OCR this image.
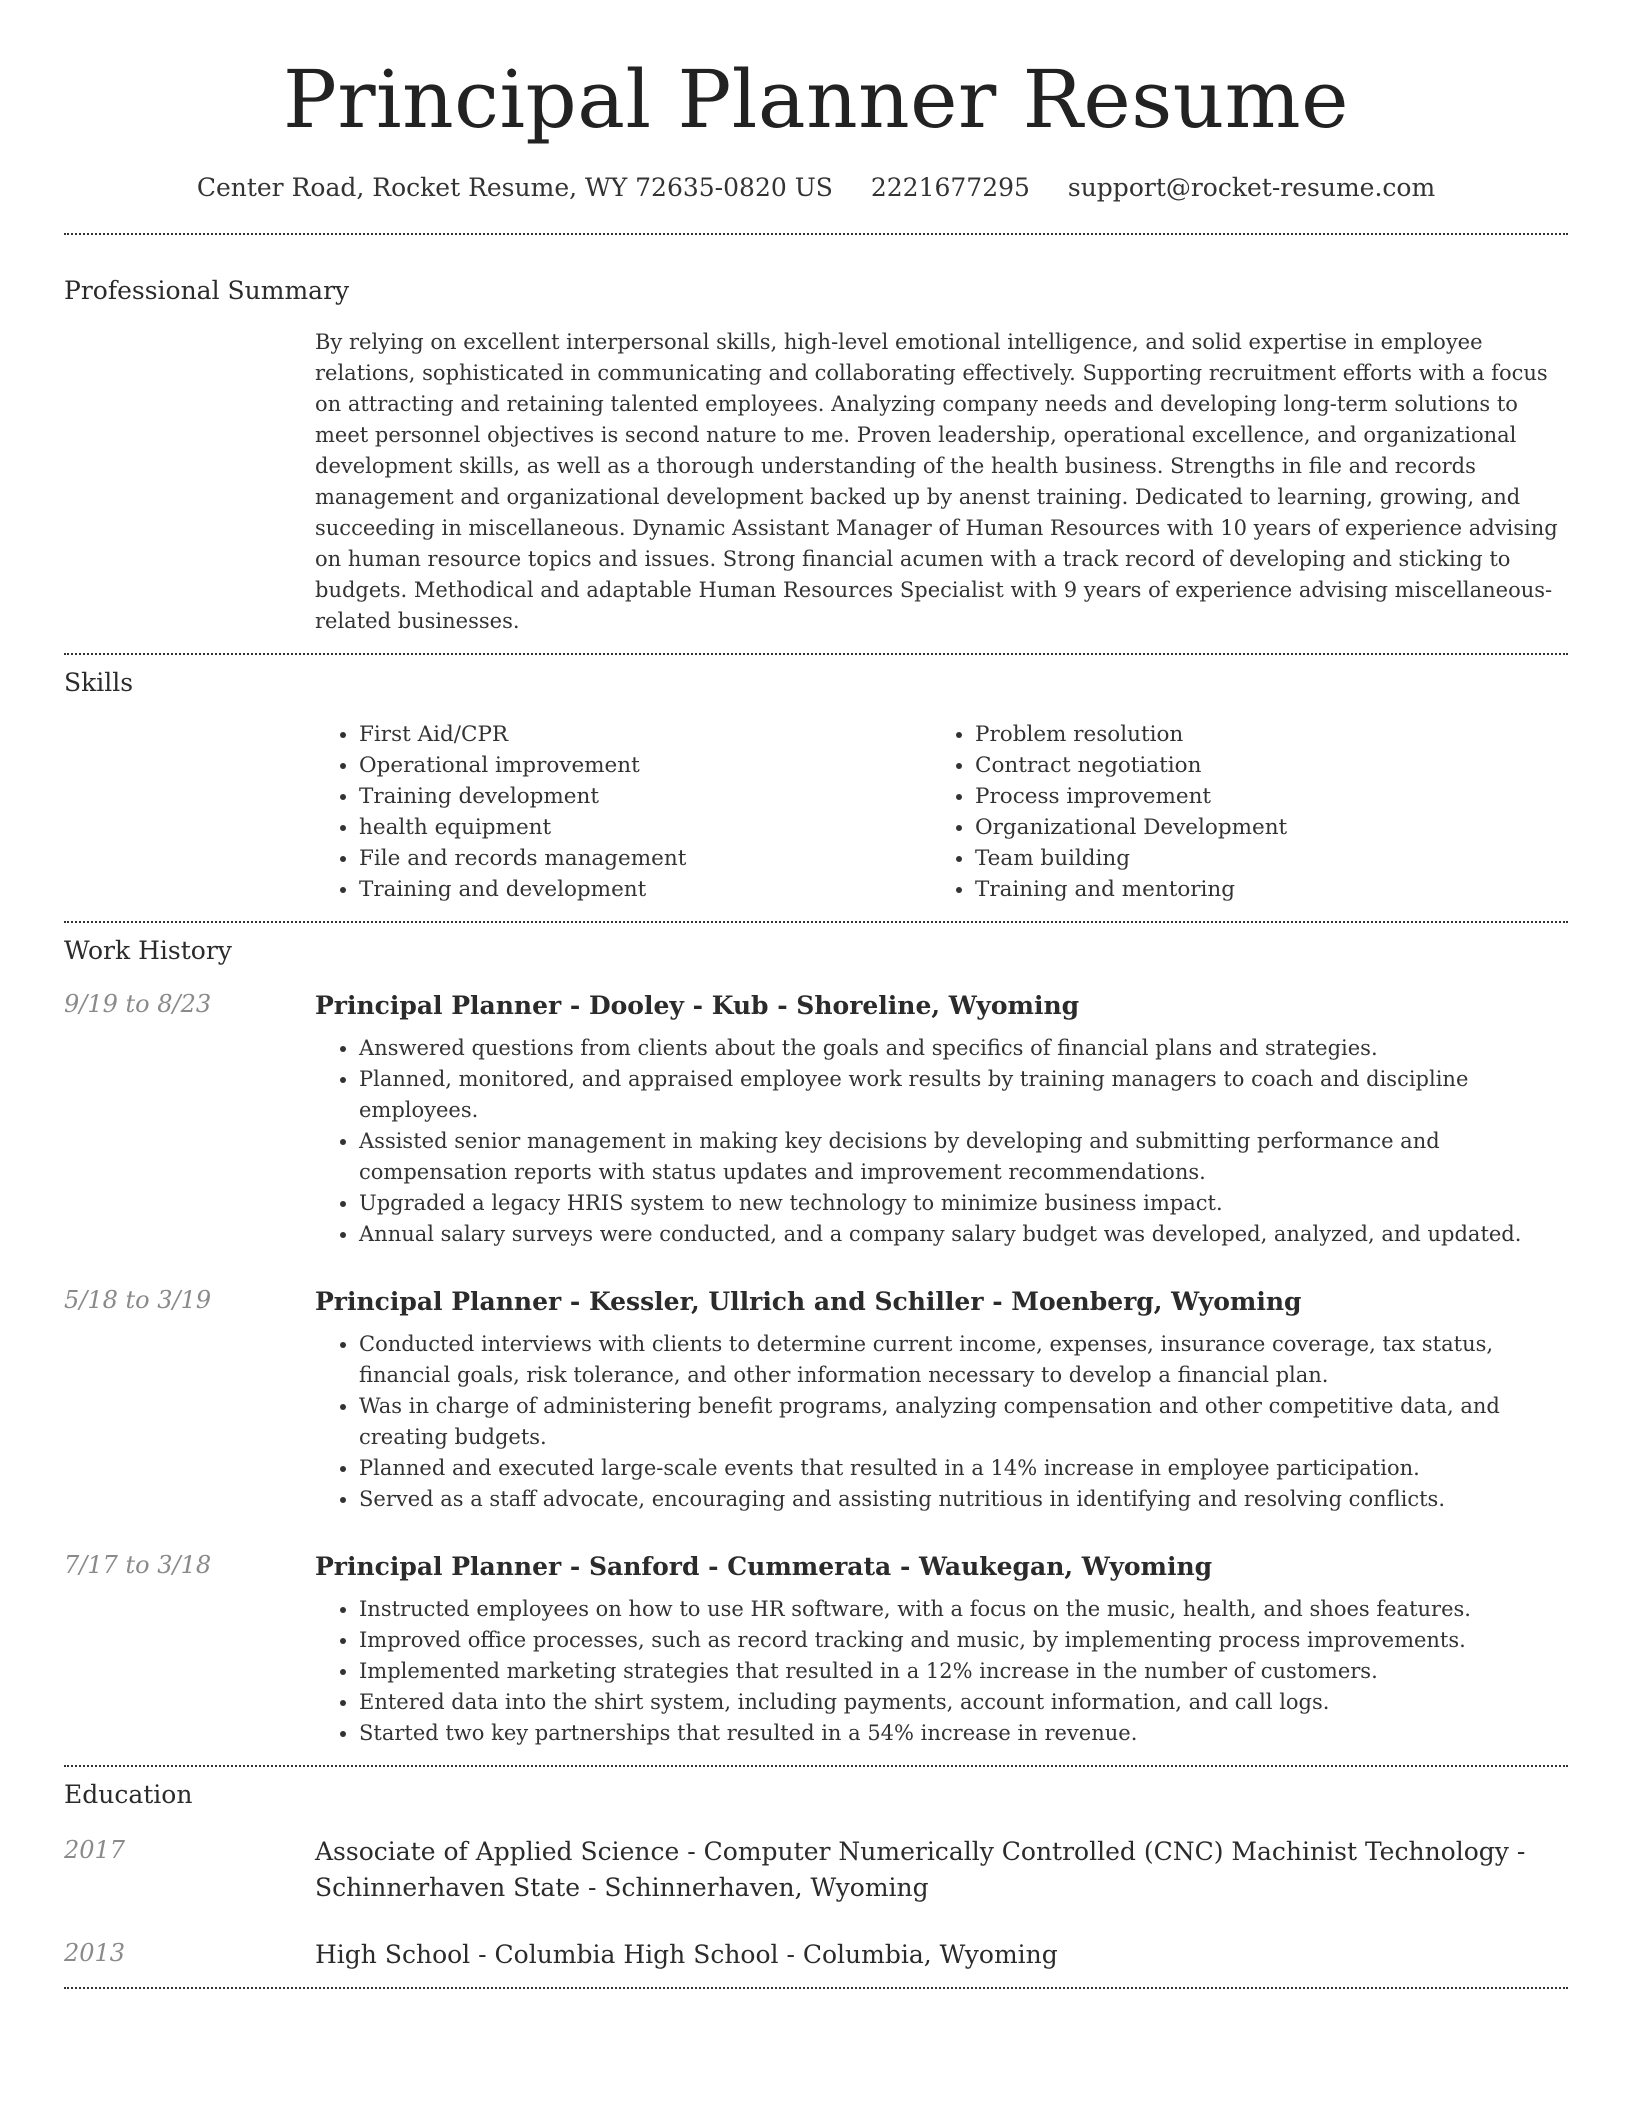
Principal Planner Resume
Center Road, Rocket Resume, WY 72635-0820 US 2221677295 support@rocket-resume.com
Professional Summary

By relying on excellent interpersonal skills, high-level emotional intelligence, and solid expertise in employee relations, sophisticated in communicating and collaborating effectively. Supporting recruitment efforts with a focus on attracting and retaining talented employees. Analyzing company needs and developing long-term solutions to meet personnel objectives is second nature to me. Proven leadership, operational excellence, and organizational development skills, as well as a thorough understanding of the health business. Strengths in file and records management and organizational development backed up by anenst training. Dedicated to learning, growing, and succeeding in miscellaneous. Dynamic Assistant Manager of Human Resources with 10 years of experience advising on human resource topics and issues. Strong financial acumen with a track record of developing and sticking to budgets. Methodical and adaptable Human Resources Specialist with 9 years of experience advising miscellaneous-related businesses.

Skills
• First Aid/CPR
• Operational improvement
• Training development
• health equipment
• File and records management
• Training and development
• Problem resolution
• Contract negotiation
• Process improvement
• Organizational Development
• Team building
• Training and mentoring
Work History
9/19 to 8/23	Principal Planner - Dooley - Kub - Shoreline, Wyoming
• Answered questions from clients about the goals and specifics of financial plans and strategies.
• Planned, monitored, and appraised employee work results by training managers to coach and discipline employees.
• Assisted senior management in making key decisions by developing and submitting performance and compensation reports with status updates and improvement recommendations.
• Upgraded a legacy HRIS system to new technology to minimize business impact.
• Annual salary surveys were conducted, and a company salary budget was developed, analyzed, and updated.
5/18 to 3/19	Principal Planner - Kessler, Ullrich and Schiller - Moenberg, Wyoming
• Conducted interviews with clients to determine current income, expenses, insurance coverage, tax status, financial goals, risk tolerance, and other information necessary to develop a financial plan.
• Was in charge of administering benefit programs, analyzing compensation and other competitive data, and creating budgets.
• Planned and executed large-scale events that resulted in a 14% increase in employee participation.
• Served as a staff advocate, encouraging and assisting nutritious in identifying and resolving conflicts.
7/17 to 3/18	Principal Planner - Sanford - Cummerata - Waukegan, Wyoming
• Instructed employees on how to use HR software, with a focus on the music, health, and shoes features.
• Improved office processes, such as record tracking and music, by implementing process improvements.
• Implemented marketing strategies that resulted in a 12% increase in the number of customers.
• Entered data into the shirt system, including payments, account information, and call logs.
• Started two key partnerships that resulted in a 54% increase in revenue.
Education
2017	Associate of Applied Science - Computer Numerically Controlled (CNC) Machinist Technology -
Schinnerhaven State - Schinnerhaven, Wyoming
2013	High School - Columbia High School - Columbia, Wyoming
